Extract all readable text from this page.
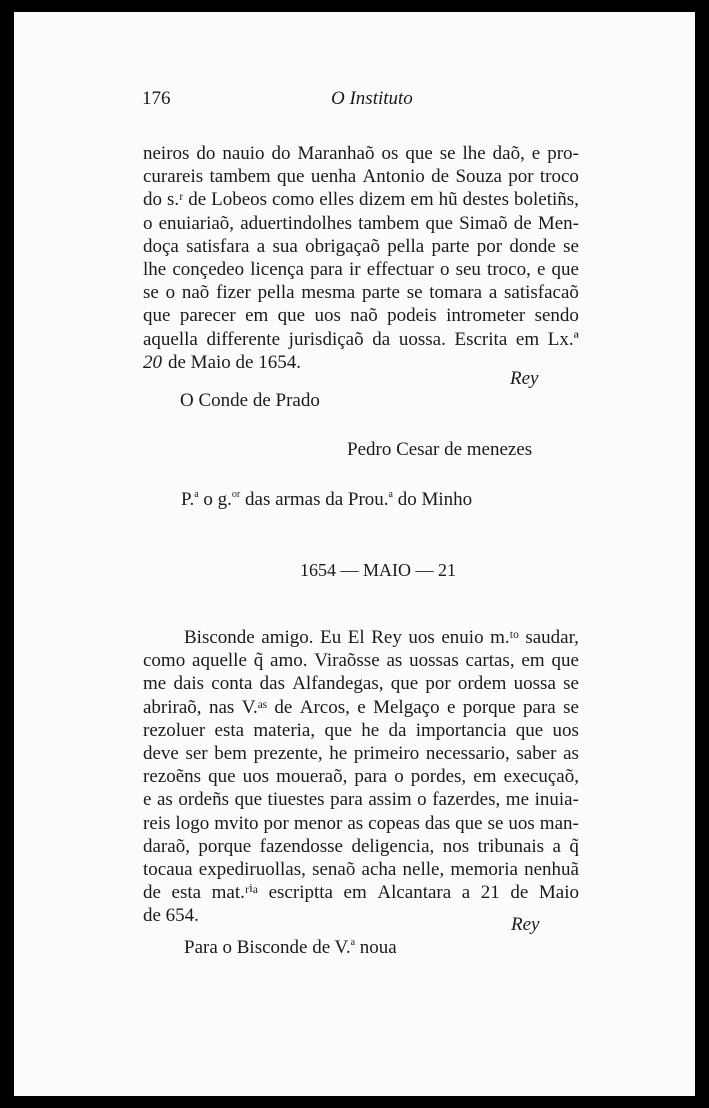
176	O Instituto
neiros do nauio do Maranhaõ os que se lhe daõ, e pro-
curareis tambem que uenha Antonio de Souza por troco
do s.ʳ de Lobeos como elles dizem em hũ destes boletiñs,
o enuiariaõ, aduertindolhes tambem que Simaõ de Men-
doça satisfara a sua obrigaçaõ pella parte por donde se
lhe conçedeo licença para ir effectuar o seu troco, e que
se o naõ fizer pella mesma parte se tomara a satisfacaõ
que parecer em que uos naõ podeis intrometer sendo
aquella differente jurisdiçaõ da uossa. Escrita em Lx.ª
20 de Maio de 1654.
Rey
O Conde de Prado
Pedro Cesar de menezes
P.$^a$ o g.$^{or}$ das armas da Prou.$^a$ do Minho
1654 — MAIO — 21
Bisconde amigo. Eu El Rey uos enuio m.ᵗᵒ saudar,
como aquelle q̃ amo. Viraõsse as uossas cartas, em que
me dais conta das Alfandegas, que por ordem uossa se
abriraõ, nas V.ᵃˢ de Arcos, e Melgaço e porque para se
rezoluer esta materia, que he da importancia que uos
deve ser bem prezente, he primeiro necessario, saber as
rezoẽns que uos moueraõ, para o pordes, em execuçaõ,
e as ordeñs que tiuestes para assim o fazerdes, me inuia-
reis logo mvito por menor as copeas das que se uos man-
daraõ, porque fazendosse deligencia, nos tribunais a q̃
tocaua expediruollas, senaõ acha nelle, memoria nenhuã
de esta mat.ʳⁱᵃ escriptta em Alcantara a 21 de Maio
de 654.	Rey
Para o Bisconde de V.$^a$ noua
